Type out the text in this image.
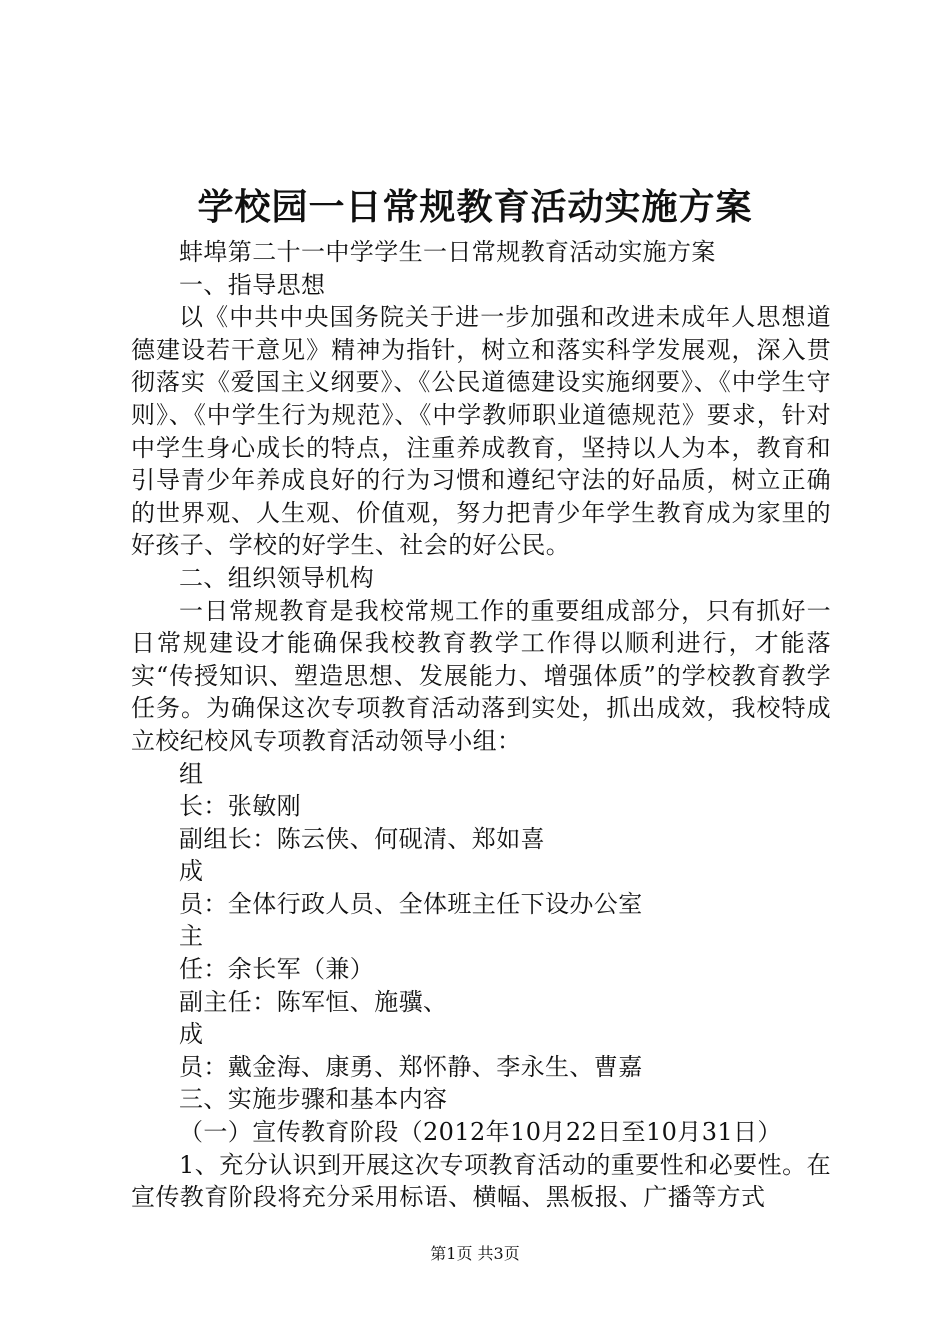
学校园一日常规教育活动实施方案

蚌埠第二十一中学学生一日常规教育活动实施方案

一、指导思想

以《中共中央国务院关于进一步加强和改进未成年人思想道德建设若干意见》精神为指针，树立和落实科学发展观，深入贯彻落实《爱国主义纲要》、《公民道德建设实施纲要》、《中学生守则》、《中学生行为规范》、《中学教师职业道德规范》要求，针对中学生身心成长的特点，注重养成教育，坚持以人为本，教育和引导青少年养成良好的行为习惯和遵纪守法的好品质，树立正确的世界观、人生观、价值观，努力把青少年学生教育成为家里的好孩子、学校的好学生、社会的好公民。

二、组织领导机构

一日常规教育是我校常规工作的重要组成部分，只有抓好一日常规建设才能确保我校教育教学工作得以顺利进行，才能落实“传授知识、塑造思想、发展能力、增强体质”的学校教育教学任务。为确保这次专项教育活动落到实处，抓出成效，我校特成立校纪校风专项教育活动领导小组：

组

长：张敏刚

副组长：陈云侠、何砚清、郑如喜

成

员：全体行政人员、全体班主任下设办公室

主

任：余长军（兼）

副主任：陈军恒、施骥、

成

员：戴金海、康勇、郑怀静、李永生、曹嘉

三、实施步骤和基本内容

（一）宣传教育阶段（2012年10月22日至10月31日）

1、充分认识到开展这次专项教育活动的重要性和必要性。在宣传教育阶段将充分采用标语、横幅、黑板报、广播等方式

第1页 共3页
